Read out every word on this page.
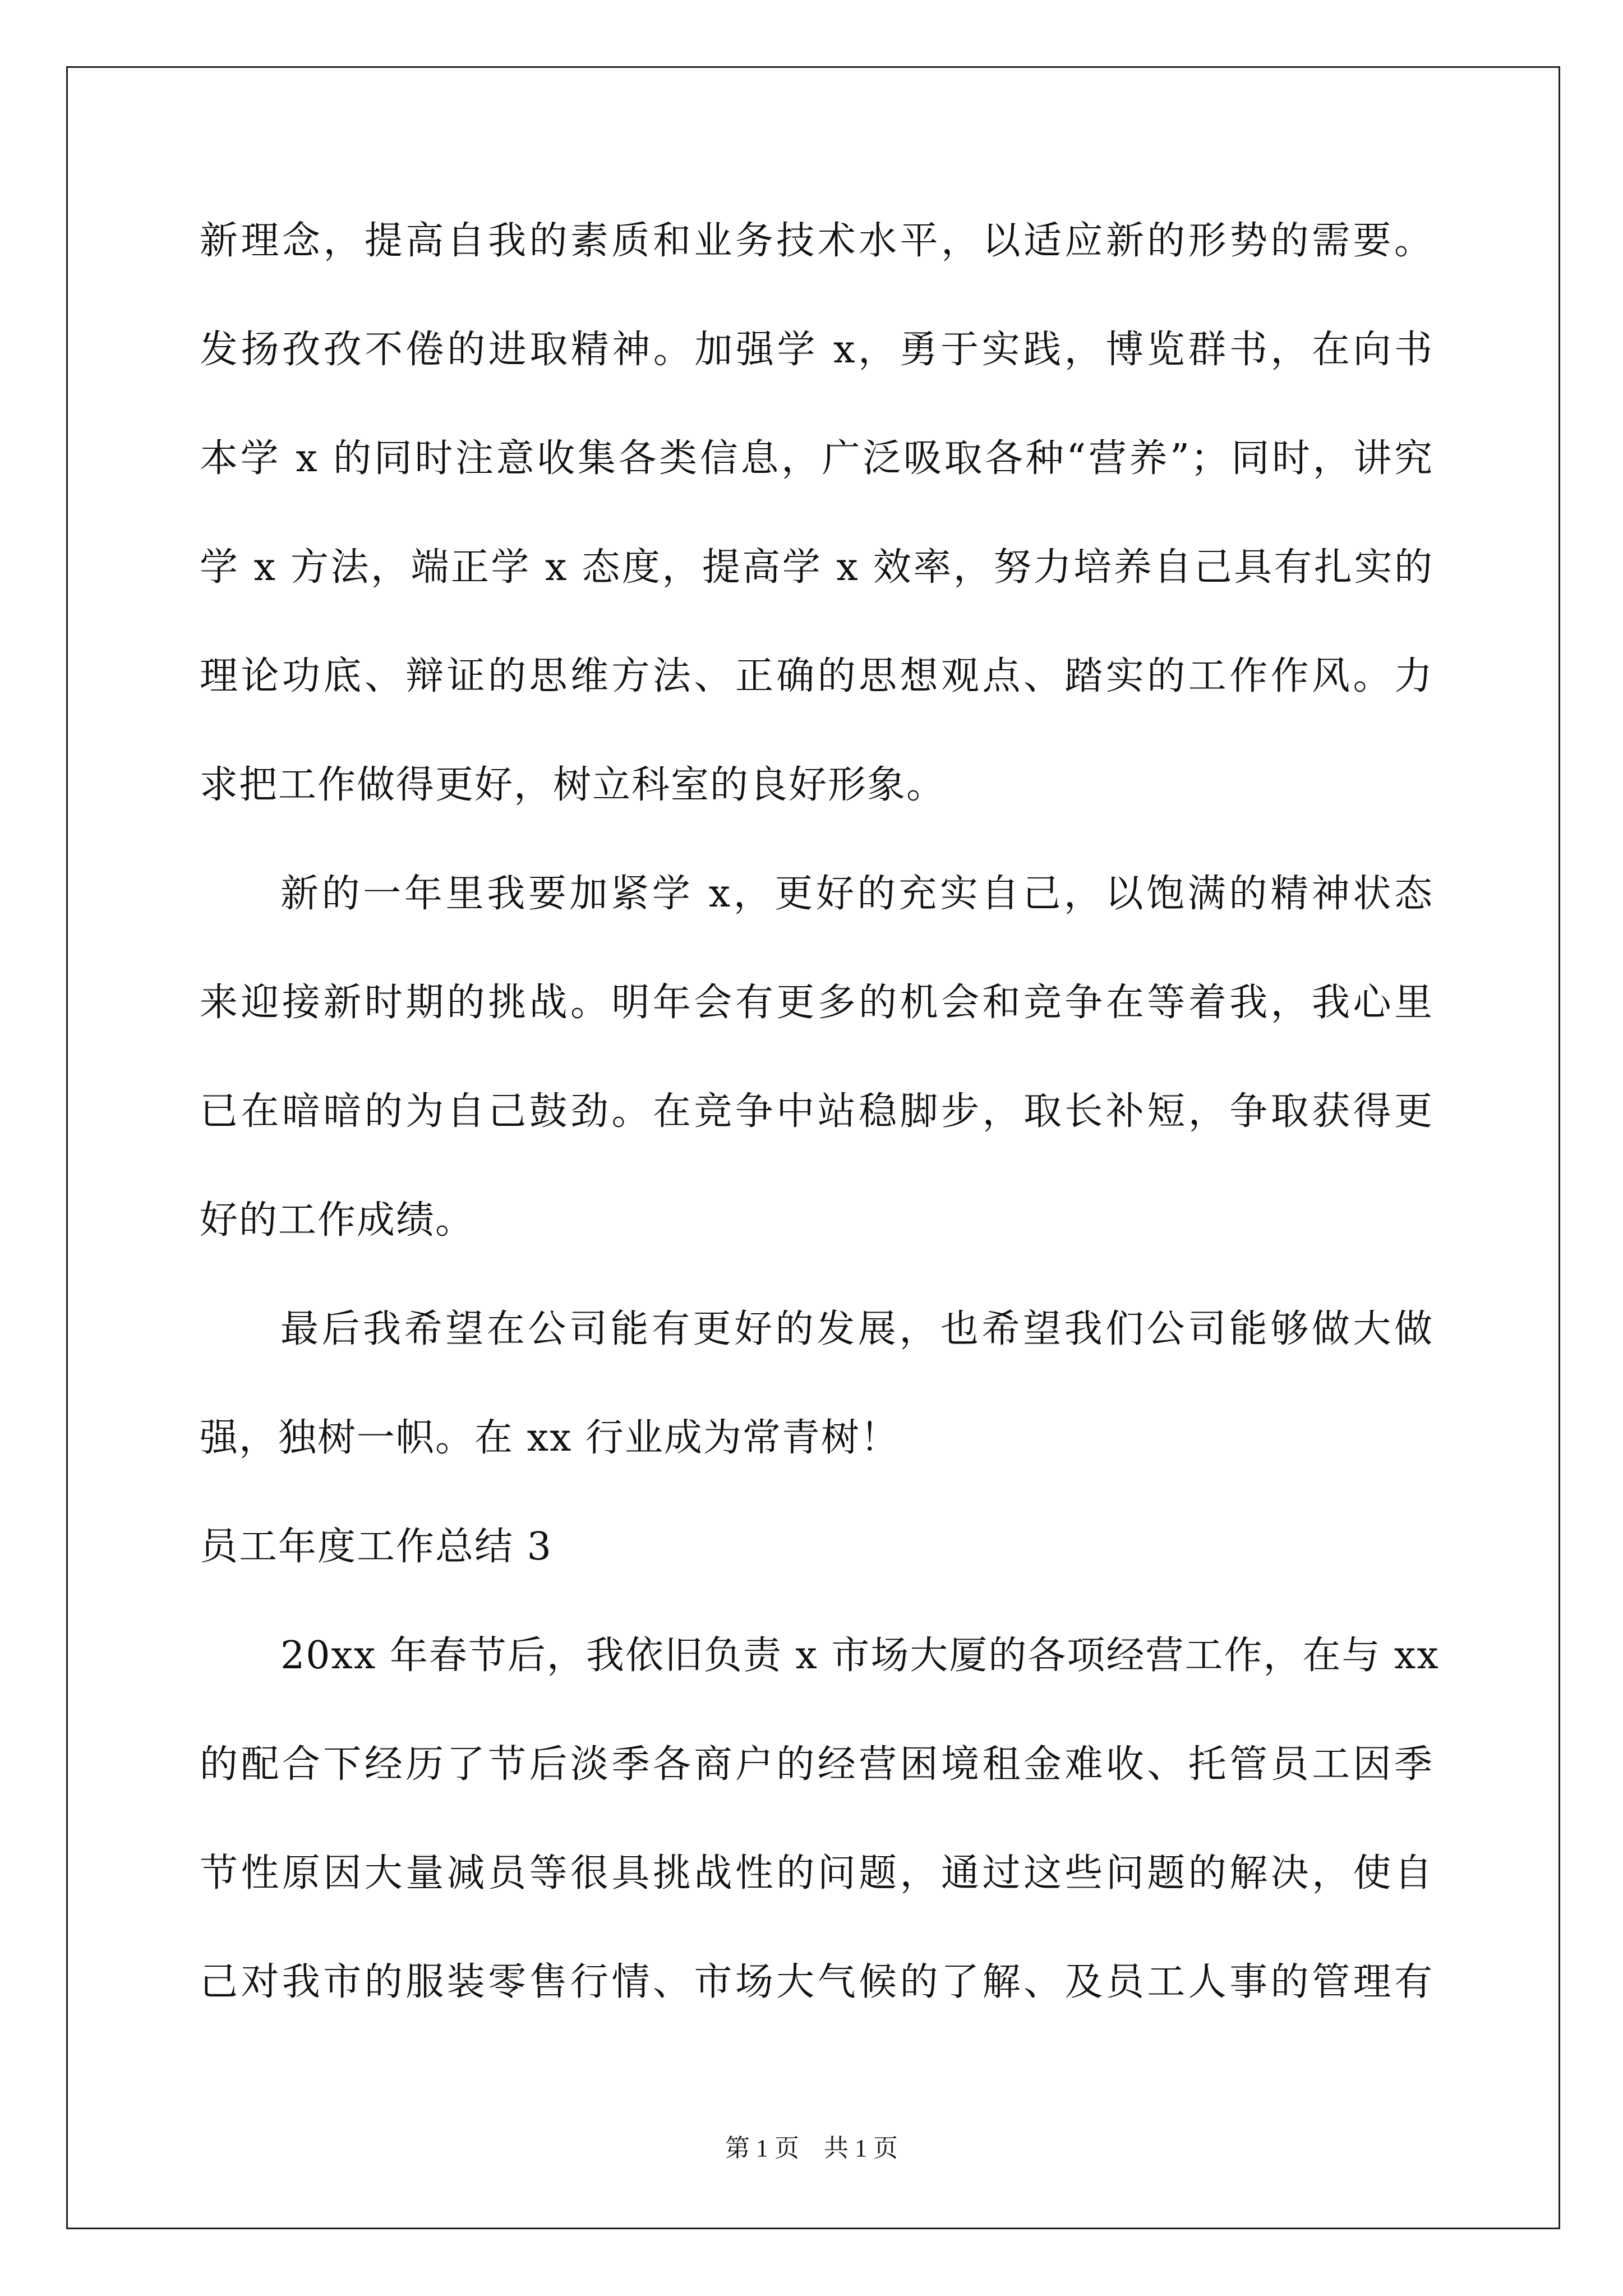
新理念，提高自我的素质和业务技术水平，以适应新的形势的需要。
发扬孜孜不倦的进取精神。加强学 x，勇于实践，博览群书，在向书
本学 x 的同时注意收集各类信息，广泛吸取各种“营养”；同时，讲究
学 x 方法，端正学 x 态度，提高学 x 效率，努力培养自己具有扎实的
理论功底、辩证的思维方法、正确的思想观点、踏实的工作作风。力
求把工作做得更好，树立科室的良好形象。
新的一年里我要加紧学 x，更好的充实自己，以饱满的精神状态
来迎接新时期的挑战。明年会有更多的机会和竞争在等着我，我心里
已在暗暗的为自己鼓劲。在竞争中站稳脚步，取长补短，争取获得更
好的工作成绩。
最后我希望在公司能有更好的发展，也希望我们公司能够做大做
强，独树一帜。在 xx 行业成为常青树！
员工年度工作总结 3
20xx 年春节后，我依旧负责 x 市场大厦的各项经营工作，在与 xx
的配合下经历了节后淡季各商户的经营困境租金难收、托管员工因季
节性原因大量减员等很具挑战性的问题，通过这些问题的解决，使自
己对我市的服装零售行情、市场大气候的了解、及员工人事的管理有
第 1 页　共 1 页
